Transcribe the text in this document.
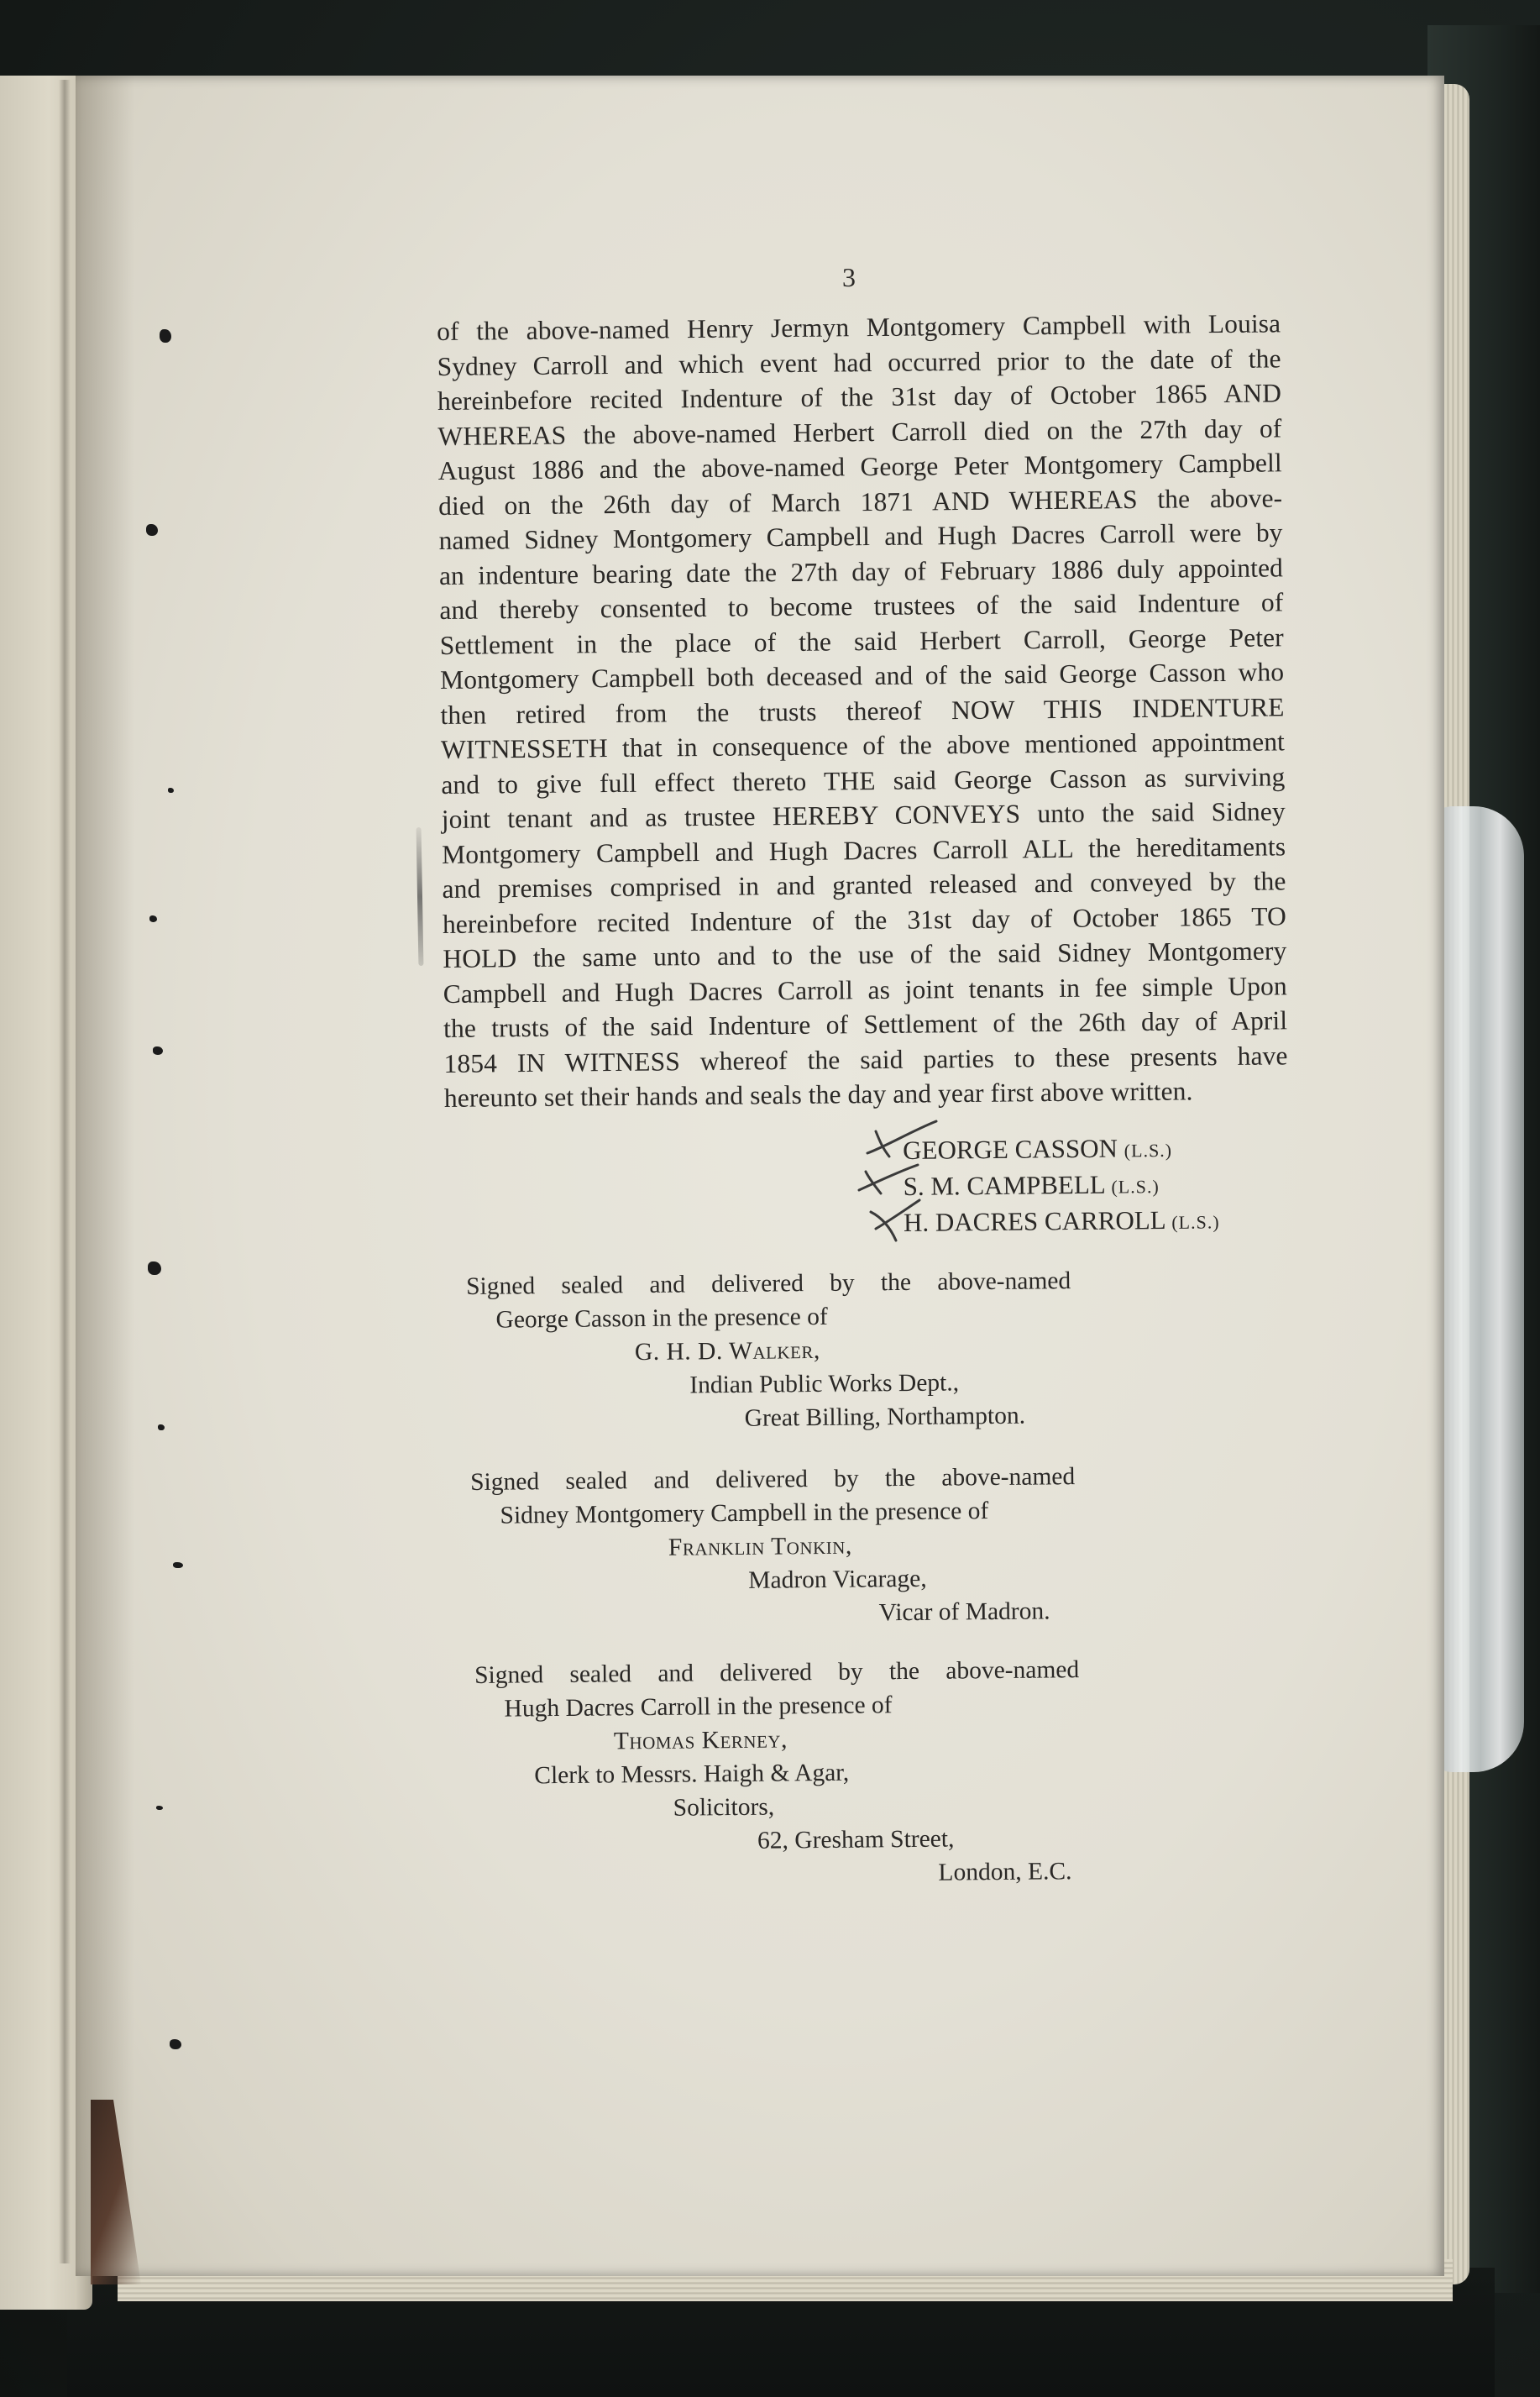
3
of the above-named Henry Jermyn Montgomery Campbell with Louisa
Sydney Carroll and which event had occurred prior to the date of the
hereinbefore recited Indenture of the 31st day of October 1865 AND
WHEREAS the above-named Herbert Carroll died on the 27th day of
August 1886 and the above-named George Peter Montgomery Campbell
died on the 26th day of March 1871 AND WHEREAS the above-
named Sidney Montgomery Campbell and Hugh Dacres Carroll were by
an indenture bearing date the 27th day of February 1886 duly appointed
and thereby consented to become trustees of the said Indenture of
Settlement in the place of the said Herbert Carroll, George Peter
Montgomery Campbell both deceased and of the said George Casson who
then retired from the trusts thereof NOW THIS INDENTURE
WITNESSETH that in consequence of the above mentioned appointment
and to give full effect thereto THE said George Casson as surviving
joint tenant and as trustee HEREBY CONVEYS unto the said Sidney
Montgomery Campbell and Hugh Dacres Carroll ALL the hereditaments
and premises comprised in and granted released and conveyed by the
hereinbefore recited Indenture of the 31st day of October 1865 TO
HOLD the same unto and to the use of the said Sidney Montgomery
Campbell and Hugh Dacres Carroll as joint tenants in fee simple Upon
the trusts of the said Indenture of Settlement of the 26th day of April
1854 IN WITNESS whereof the said parties to these presents have
hereunto set their hands and seals the day and year first above written.
GEORGE CASSON (L.S.)
S. M. CAMPBELL (L.S.)
H. DACRES CARROLL (L.S.)
Signed sealed and delivered by the above-named
George Casson in the presence of
G. H. D. Walker,
Indian Public Works Dept.,
Great Billing, Northampton.
Signed sealed and delivered by the above-named
Sidney Montgomery Campbell in the presence of
Franklin Tonkin,
Madron Vicarage,
Vicar of Madron.
Signed sealed and delivered by the above-named
Hugh Dacres Carroll in the presence of
Thomas Kerney,
Clerk to Messrs. Haigh & Agar,
Solicitors,
62, Gresham Street,
London, E.C.
